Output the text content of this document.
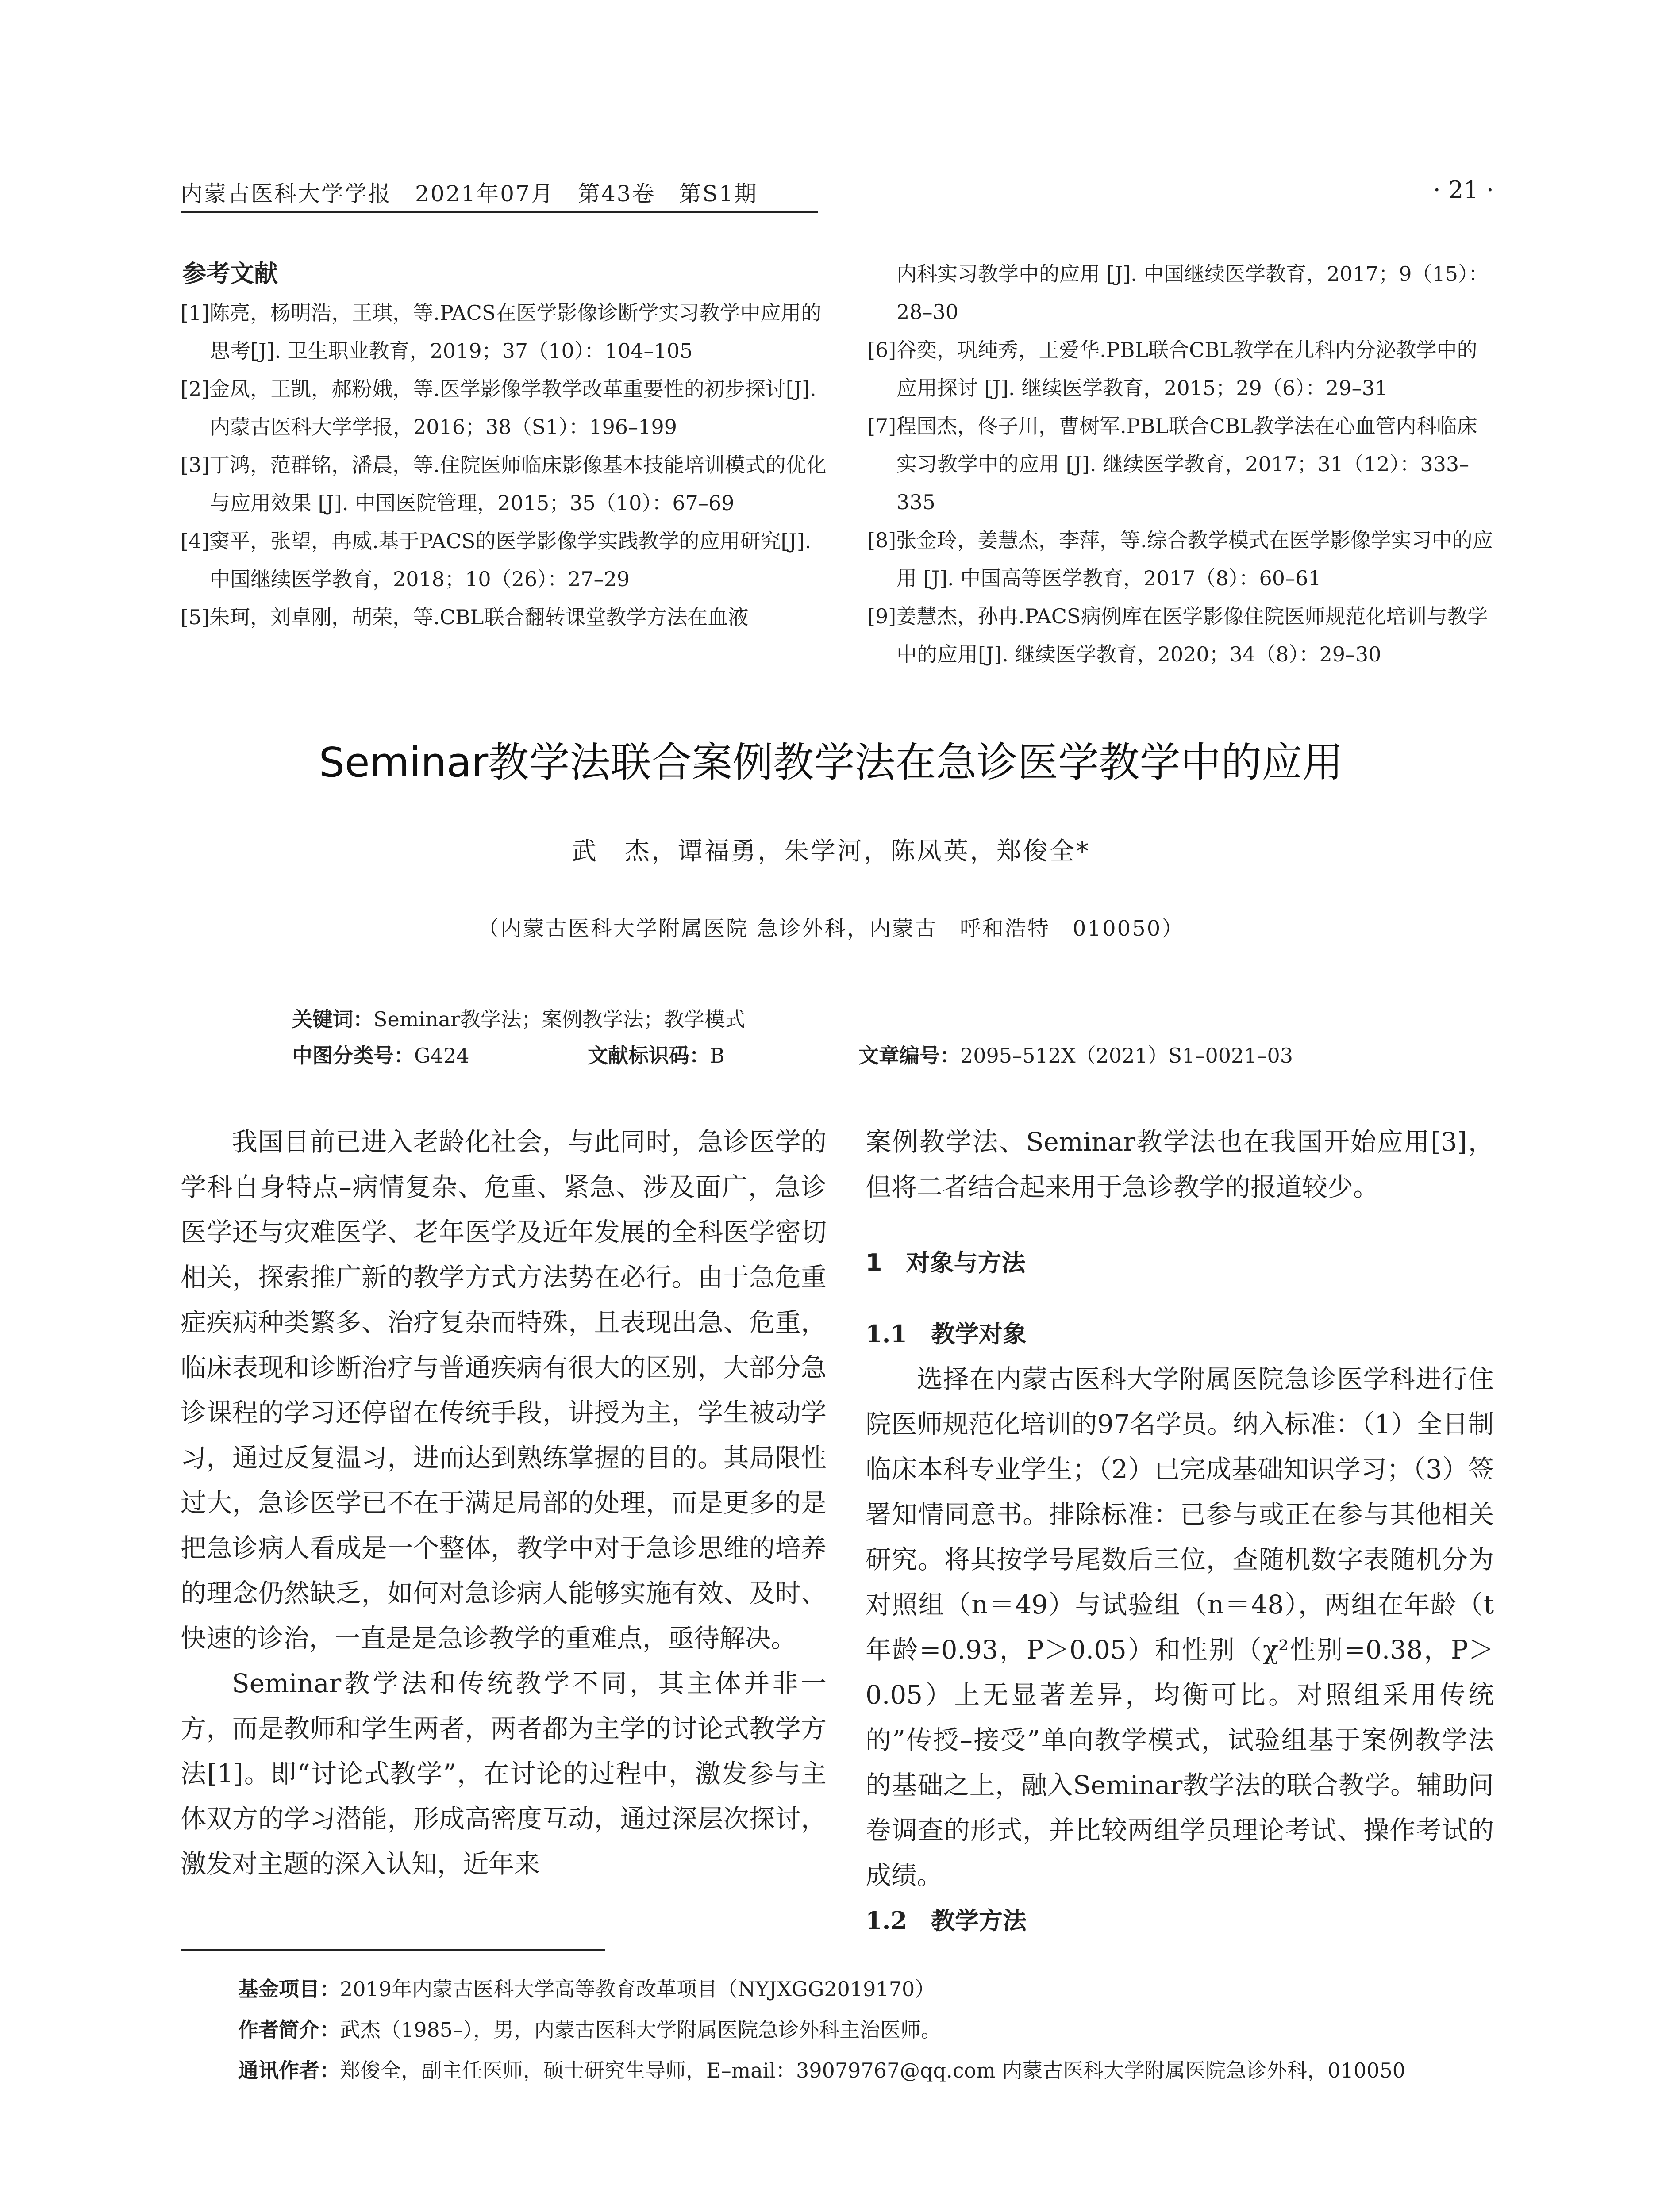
内蒙古医科大学学报　2021年07月　第43卷　第S1期	· 21 ·
参考文献
[1]陈亮，杨明浩，王琪，等.PACS在医学影像诊断学实习教学中应用的思考[J]. 卫生职业教育，2019；37（10）：104–105
[2]金凤，王凯，郝粉娥，等.医学影像学教学改革重要性的初步探讨[J]. 内蒙古医科大学学报，2016；38（S1）：196–199
[3]丁鸿，范群铭，潘晨，等.住院医师临床影像基本技能培训模式的优化与应用效果 [J]. 中国医院管理，2015；35（10）：67–69
[4]窦平，张望，冉威.基于PACS的医学影像学实践教学的应用研究[J]. 中国继续医学教育，2018；10（26）：27–29
[5]朱珂，刘卓刚，胡荣，等.CBL联合翻转课堂教学方法在血液
内科实习教学中的应用 [J]. 中国继续医学教育，2017；9（15）：28–30
[6]谷奕，巩纯秀，王爱华.PBL联合CBL教学在儿科内分泌教学中的应用探讨 [J]. 继续医学教育，2015；29（6）：29–31
[7]程国杰，佟子川，曹树军.PBL联合CBL教学法在心血管内科临床实习教学中的应用 [J]. 继续医学教育，2017；31（12）：333–335
[8]张金玲，姜慧杰，李萍，等.综合教学模式在医学影像学实习中的应用 [J]. 中国高等医学教育，2017（8）：60–61
[9]姜慧杰，孙冉.PACS病例库在医学影像住院医师规范化培训与教学中的应用[J]. 继续医学教育，2020；34（8）：29–30
Seminar教学法联合案例教学法在急诊医学教学中的应用
武　杰，谭福勇，朱学河，陈凤英，郑俊全*
（内蒙古医科大学附属医院 急诊外科，内蒙古　呼和浩特　010050）
关键词：Seminar教学法；案例教学法；教学模式
中图分类号：G424	文献标识码：B	文章编号：2095–512X（2021）S1–0021–03

我国目前已进入老龄化社会，与此同时，急诊医学的学科自身特点–病情复杂、危重、紧急、涉及面广，急诊医学还与灾难医学、老年医学及近年发展的全科医学密切相关，探索推广新的教学方式方法势在必行。由于急危重症疾病种类繁多、治疗复杂而特殊，且表现出急、危重，临床表现和诊断治疗与普通疾病有很大的区别，大部分急诊课程的学习还停留在传统手段，讲授为主，学生被动学习，通过反复温习，进而达到熟练掌握的目的。其局限性过大，急诊医学已不在于满足局部的处理，而是更多的是把急诊病人看成是一个整体，教学中对于急诊思维的培养的理念仍然缺乏，如何对急诊病人能够实施有效、及时、快速的诊治，一直是是急诊教学的重难点，亟待解决。

Seminar教学法和传统教学不同，其主体并非一方，而是教师和学生两者，两者都为主学的讨论式教学方法[1]。即“讨论式教学”，在讨论的过程中，激发参与主体双方的学习潜能，形成高密度互动，通过深层次探讨，激发对主题的深入认知，近年来

案例教学法、Seminar教学法也在我国开始应用[3]，但将二者结合起来用于急诊教学的报道较少。

1　对象与方法
1.1　教学对象

选择在内蒙古医科大学附属医院急诊医学科进行住院医师规范化培训的97名学员。纳入标准：（1）全日制临床本科专业学生；（2）已完成基础知识学习；（3）签署知情同意书。排除标准：已参与或正在参与其他相关研究。将其按学号尾数后三位，查随机数字表随机分为对照组（n＝49）与试验组（n＝48），两组在年龄（t年龄=0.93，P＞0.05）和性别（χ²性别=0.38，P＞0.05）上无显著差异，均衡可比。对照组采用传统的”传授–接受”单向教学模式，试验组基于案例教学法的基础之上，融入Seminar教学法的联合教学。辅助问卷调查的形式，并比较两组学员理论考试、操作考试的成绩。

1.2　教学方法
基金项目：2019年内蒙古医科大学高等教育改革项目（NYJXGG2019170）
作者简介：武杰（1985–），男，内蒙古医科大学附属医院急诊外科主治医师。
通讯作者：郑俊全，副主任医师，硕士研究生导师，E–mail：39079767@qq.com 内蒙古医科大学附属医院急诊外科，010050
